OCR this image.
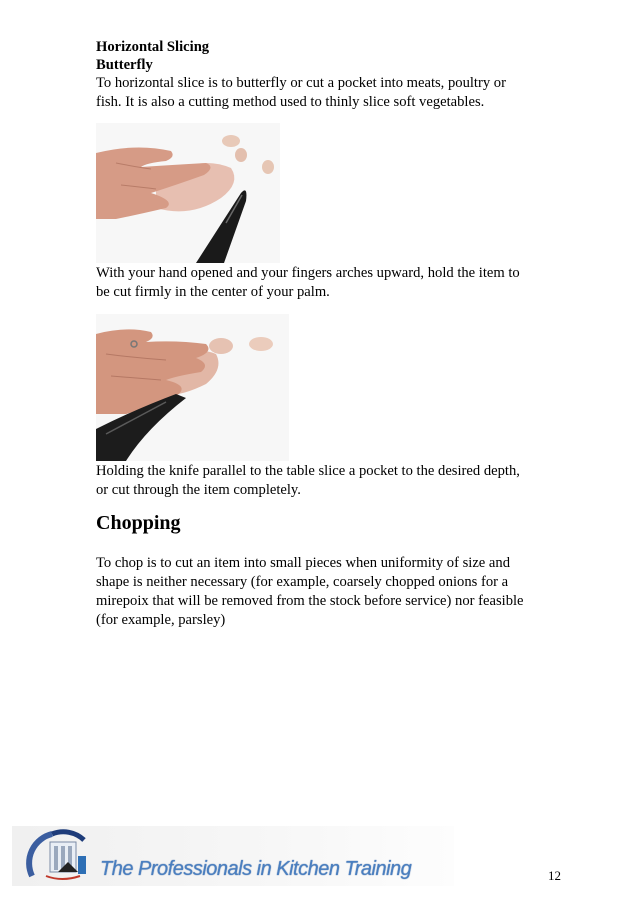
Horizontal Slicing
Butterfly
To horizontal slice is to butterfly or cut a pocket into meats, poultry or
fish. It is also a cutting method used to thinly slice soft vegetables.
With your hand opened and your fingers arches upward, hold the item to
be cut firmly in the center of your palm.
Holding the knife parallel to the table slice a pocket to the desired depth,
or cut through the item completely.
Chopping
To chop is to cut an item into small pieces when uniformity of size and
shape is neither necessary (for example, coarsely chopped onions for a
mirepoix that will be removed from the stock before service) nor feasible
(for example, parsley)
The Professionals in Kitchen Training	12
